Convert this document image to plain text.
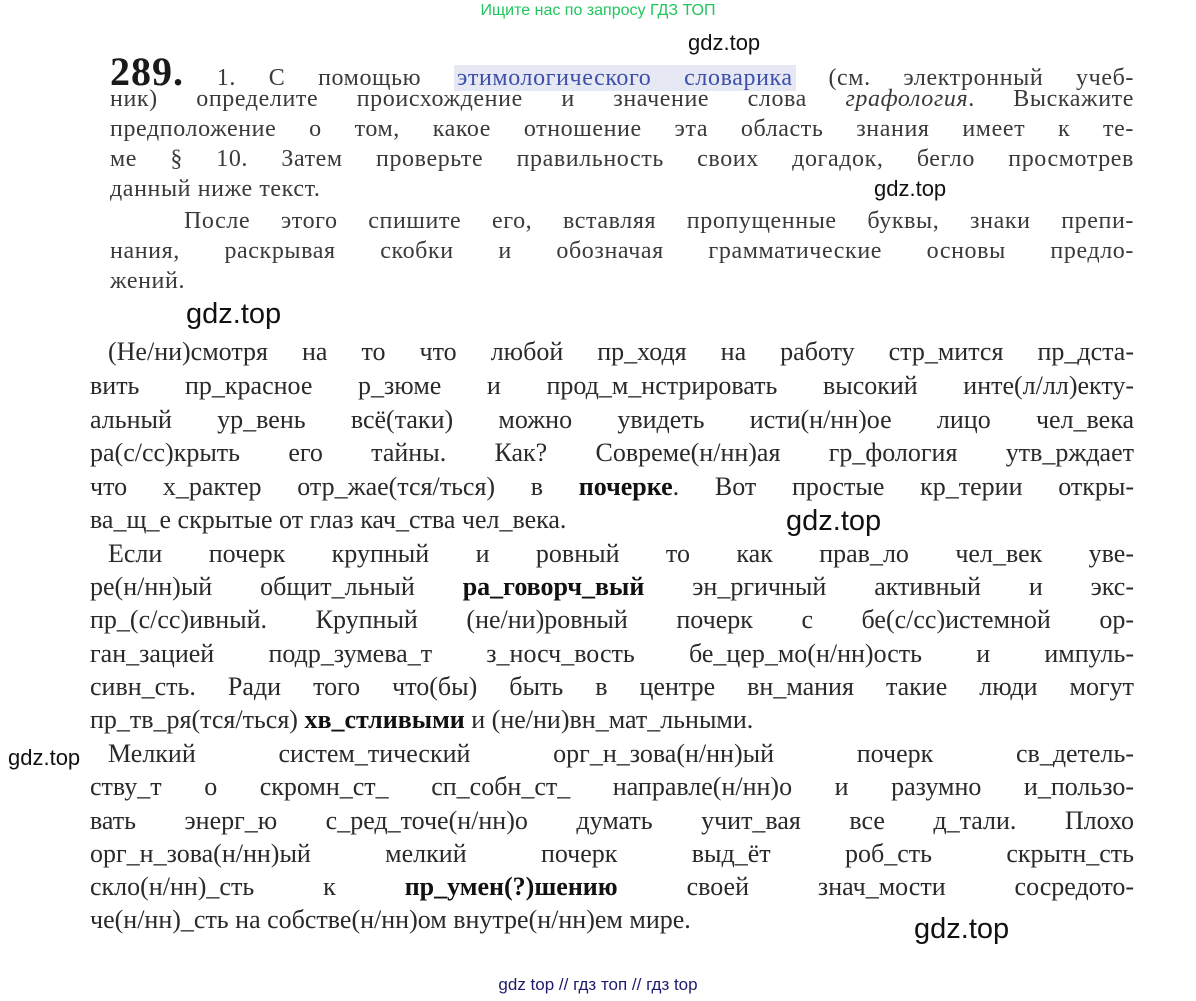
Ищите нас по запросу ГДЗ ТОП
gdz.top
gdz.top
gdz.top
gdz.top
gdz.top
gdz.top
289. 1. С помощью этимологического словарика (см. электронный учеб-
ник) определите происхождение и значение слова графология. Выскажите
предположение о том, какое отношение эта область знания имеет к те-
ме § 10. Затем проверьте правильность своих догадок, бегло просмотрев
данный ниже текст.
После этого спишите его, вставляя пропущенные буквы, знаки препи-
нания, раскрывая скобки и обозначая грамматические основы предло-
жений.
(Не/ни)смотря на то что любой пр_ходя на работу стр_мится пр_дста-
вить пр_красное р_зюме и прод_м_нстрировать высокий инте(л/лл)екту-
альный ур_вень всё(таки) можно увидеть исти(н/нн)ое лицо чел_века
ра(с/сс)крыть его тайны. Как? Совреме(н/нн)ая гр_фология утв_рждает
что х_рактер отр_жае(тся/ться) в почерке. Вот простые кр_терии откры-
ва_щ_е скрытые от глаз кач_ства чел_века.
Если почерк крупный и ровный то как прав_ло чел_век уве-
ре(н/нн)ый общит_льный ра_говорч_вый эн_ргичный активный и экс-
пр_(с/сс)ивный. Крупный (не/ни)ровный почерк с бе(с/сс)истемной ор-
ган_зацией подр_зумева_т з_носч_вость бе_цер_мо(н/нн)ость и импуль-
сивн_сть. Ради того что(бы) быть в центре вн_мания такие люди могут
пр_тв_ря(тся/ться) хв_стливыми и (не/ни)вн_мат_льными.
Мелкий систем_тический орг_н_зова(н/нн)ый почерк св_детель-
ству_т о скромн_ст_ сп_собн_ст_ направле(н/нн)о и разумно и_пользо-
вать энерг_ю с_ред_точе(н/нн)о думать учит_вая все д_тали. Плохо
орг_н_зова(н/нн)ый мелкий почерк выд_ёт роб_сть скрытн_сть
скло(н/нн)_сть к	пр_умен(?)шению	своей знач_мости сосредото-
че(н/нн)_сть на собстве(н/нн)ом внутре(н/нн)ем мире.
gdz top // гдз топ // гдз top
